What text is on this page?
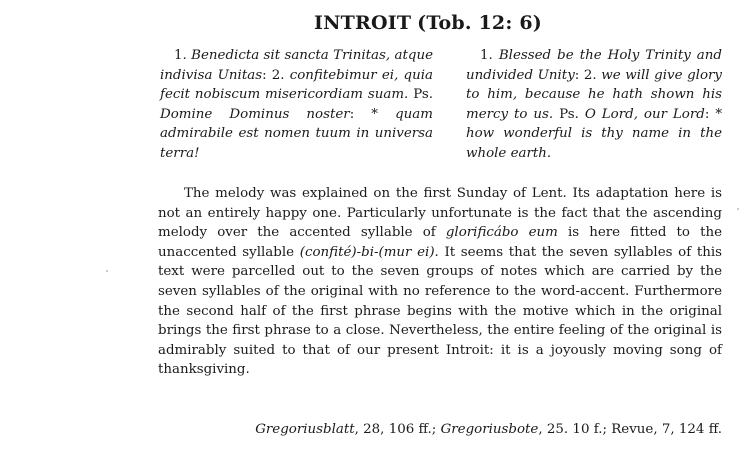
INTROIT (Tob. 12: 6)
1. Benedicta sit sancta Trinitas, atque indivisa Unitas: 2. confitebimur ei, quia fecit nobiscum misericordiam suam. Ps. Domine Dominus noster: * quam admirabile est nomen tuum in universa terra!
1. Blessed be the Holy Trinity and undivided Unity: 2. we will give glory to him, because he hath shown his mercy to us. Ps. O Lord, our Lord: * how wonderful is thy name in the whole earth.
The melody was explained on the first Sunday of Lent. Its adaptation here is not an entirely happy one. Particularly unfortunate is the fact that the ascending melody over the accented syllable of glorificábo eum is here fitted to the unaccented syllable (confité)-bi-(mur ei). It seems that the seven syllables of this text were parcelled out to the seven groups of notes which are carried by the seven syllables of the original with no reference to the word-accent. Furthermore the second half of the first phrase begins with the motive which in the original brings the first phrase to a close. Nevertheless, the entire feeling of the original is admirably suited to that of our present Introit: it is a joyously moving song of thanksgiving.
Gregoriusblatt, 28, 106 ff.; Gregoriusbote, 25. 10 f.; Revue, 7, 124 ff.
